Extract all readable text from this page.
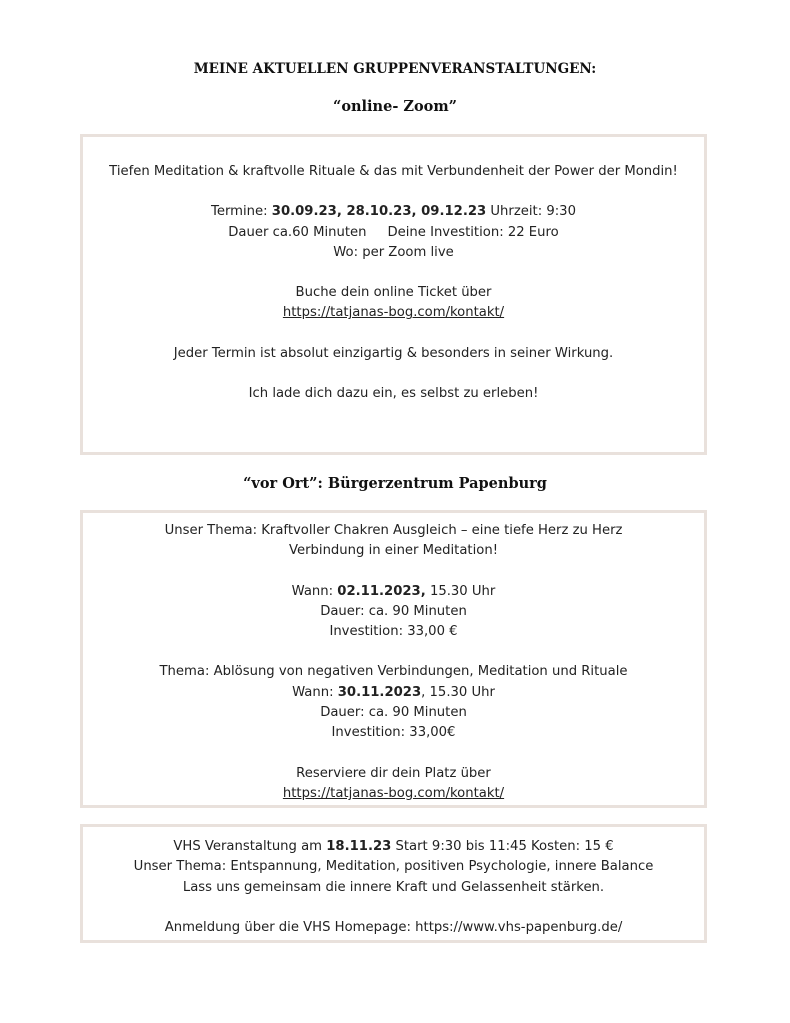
MEINE AKTUELLEN GRUPPENVERANSTALTUNGEN:
“online- Zoom”

Tiefen Meditation & kraftvolle Rituale & das mit Verbundenheit der Power der Mondin!

Termine: 30.09.23, 28.10.23, 09.12.23 Uhrzeit: 9:30

Dauer ca.60 Minuten Deine Investition: 22 Euro

Wo: per Zoom live

Buche dein online Ticket über

https://tatjanas-bog.com/kontakt/

Jeder Termin ist absolut einzigartig & besonders in seiner Wirkung.

Ich lade dich dazu ein, es selbst zu erleben!

“vor Ort”: Bürgerzentrum Papenburg

Unser Thema: Kraftvoller Chakren Ausgleich – eine tiefe Herz zu Herz

Verbindung in einer Meditation!

Wann: 02.11.2023, 15.30 Uhr

Dauer: ca. 90 Minuten

Investition: 33,00 €

Thema: Ablösung von negativen Verbindungen, Meditation und Rituale

Wann: 30.11.2023, 15.30 Uhr

Dauer: ca. 90 Minuten

Investition: 33,00€

Reserviere dir dein Platz über

https://tatjanas-bog.com/kontakt/

VHS Veranstaltung am 18.11.23 Start 9:30 bis 11:45 Kosten: 15 €

Unser Thema: Entspannung, Meditation, positiven Psychologie, innere Balance

Lass uns gemeinsam die innere Kraft und Gelassenheit stärken.

Anmeldung über die VHS Homepage: https://www.vhs-papenburg.de/
